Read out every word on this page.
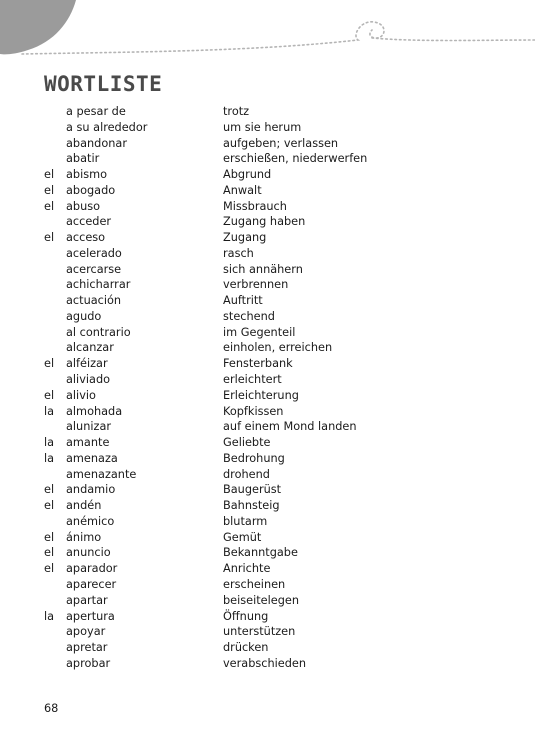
WORTLISTE
a pesar de	trotz
a su alrededor	um sie herum
abandonar	aufgeben; verlassen
abatir	erschießen, niederwerfen
el abismo	Abgrund
el abogado	Anwalt
el abuso	Missbrauch
acceder	Zugang haben
el acceso	Zugang
acelerado	rasch
acercarse	sich annähern
achicharrar	verbrennen
actuación	Auftritt
agudo	stechend
al contrario	im Gegenteil
alcanzar	einholen, erreichen
el alféizar	Fensterbank
aliviado	erleichtert
el alivio	Erleichterung
la almohada	Kopfkissen
alunizar	auf einem Mond landen
la amante	Geliebte
la amenaza	Bedrohung
amenazante	drohend
el andamio	Baugerüst
el andén	Bahnsteig
anémico	blutarm
el ánimo	Gemüt
el anuncio	Bekanntgabe
el aparador	Anrichte
aparecer	erscheinen
apartar	beiseitelegen
la apertura	Öffnung
apoyar	unterstützen
apretar	drücken
aprobar	verabschieden
68
